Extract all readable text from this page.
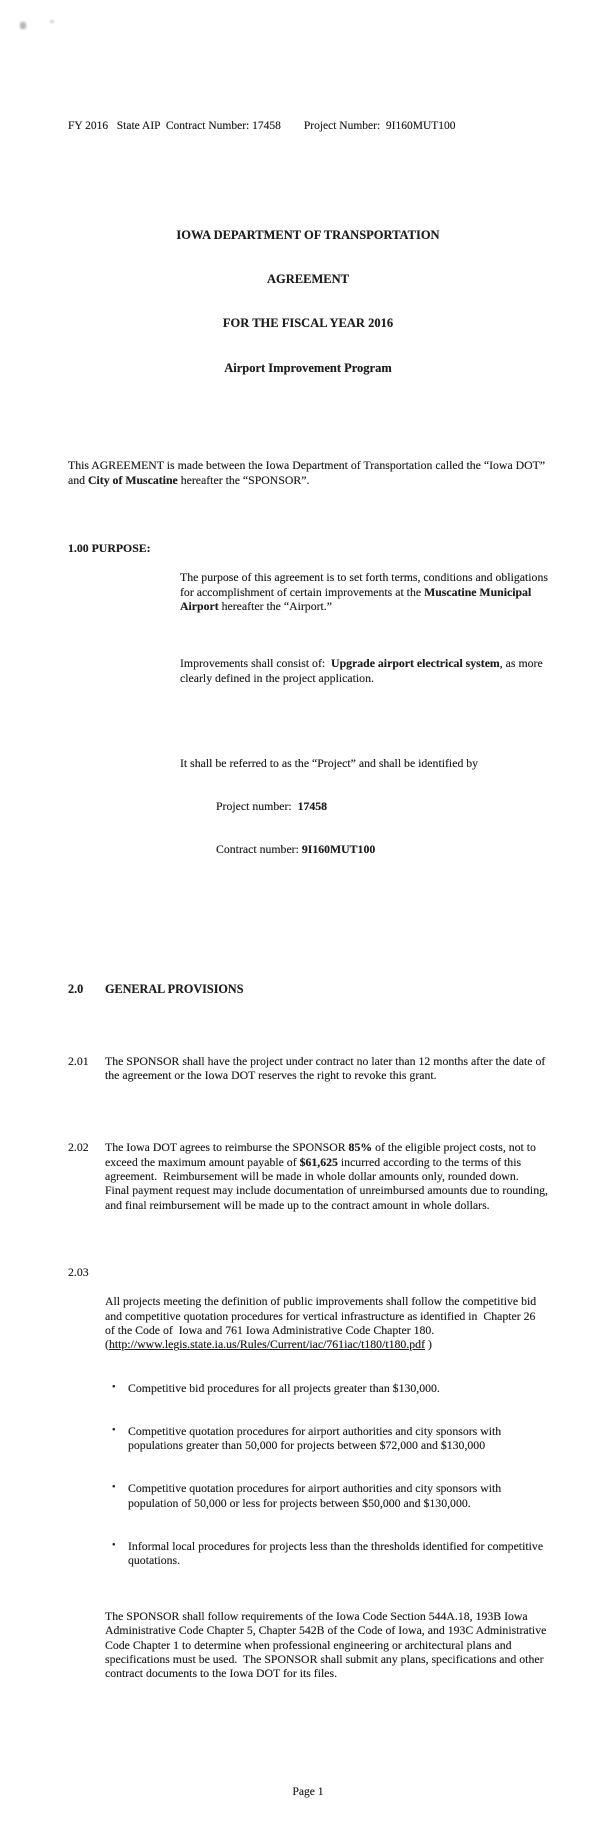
FY 2016   State AIP  Contract Number: 17458 Project Number:  9I160MUT100

IOWA DEPARTMENT OF TRANSPORTATION

AGREEMENT

FOR THE FISCAL YEAR 2016

Airport Improvement Program

This AGREEMENT is made between the Iowa Department of Transportation called the “Iowa DOT” and City of Muscatine hereafter the “SPONSOR”.

1.00 PURPOSE:

The purpose of this agreement is to set forth terms, conditions and obligations for accomplishment of certain improvements at the Muscatine Municipal Airport hereafter the “Airport.”

Improvements shall consist of:  Upgrade airport electrical system, as more clearly defined in the project application.

It shall be referred to as the “Project” and shall be identified by

Project number:  17458

Contract number: 9I160MUT100

2.0	GENERAL PROVISIONS

2.01	The SPONSOR shall have the project under contract no later than 12 months after the date of the agreement or the Iowa DOT reserves the right to revoke this grant.

2.02	The Iowa DOT agrees to reimburse the SPONSOR 85% of the eligible project costs, not to exceed the maximum amount payable of $61,625 incurred according to the terms of this agreement.  Reimbursement will be made in whole dollar amounts only, rounded down.  Final payment request may include documentation of unreimbursed amounts due to rounding, and final reimbursement will be made up to the contract amount in whole dollars.

2.03

All projects meeting the definition of public improvements shall follow the competitive bid and competitive quotation procedures for vertical infrastructure as identified in  Chapter 26 of the Code of  Iowa and 761 Iowa Administrative Code Chapter 180.
(http://www.legis.state.ia.us/Rules/Current/iac/761iac/t180/t180.pdf )

•	Competitive bid procedures for all projects greater than $130,000.

•	Competitive quotation procedures for airport authorities and city sponsors with populations greater than 50,000 for projects between $72,000 and $130,000

•	Competitive quotation procedures for airport authorities and city sponsors with population of 50,000 or less for projects between $50,000 and $130,000.

•	Informal local procedures for projects less than the thresholds identified for competitive quotations.

The SPONSOR shall follow requirements of the Iowa Code Section 544A.18, 193B Iowa Administrative Code Chapter 5, Chapter 542B of the Code of Iowa, and 193C Administrative Code Chapter 1 to determine when professional engineering or architectural plans and specifications must be used.  The SPONSOR shall submit any plans, specifications and other contract documents to the Iowa DOT for its files.

Page 1
